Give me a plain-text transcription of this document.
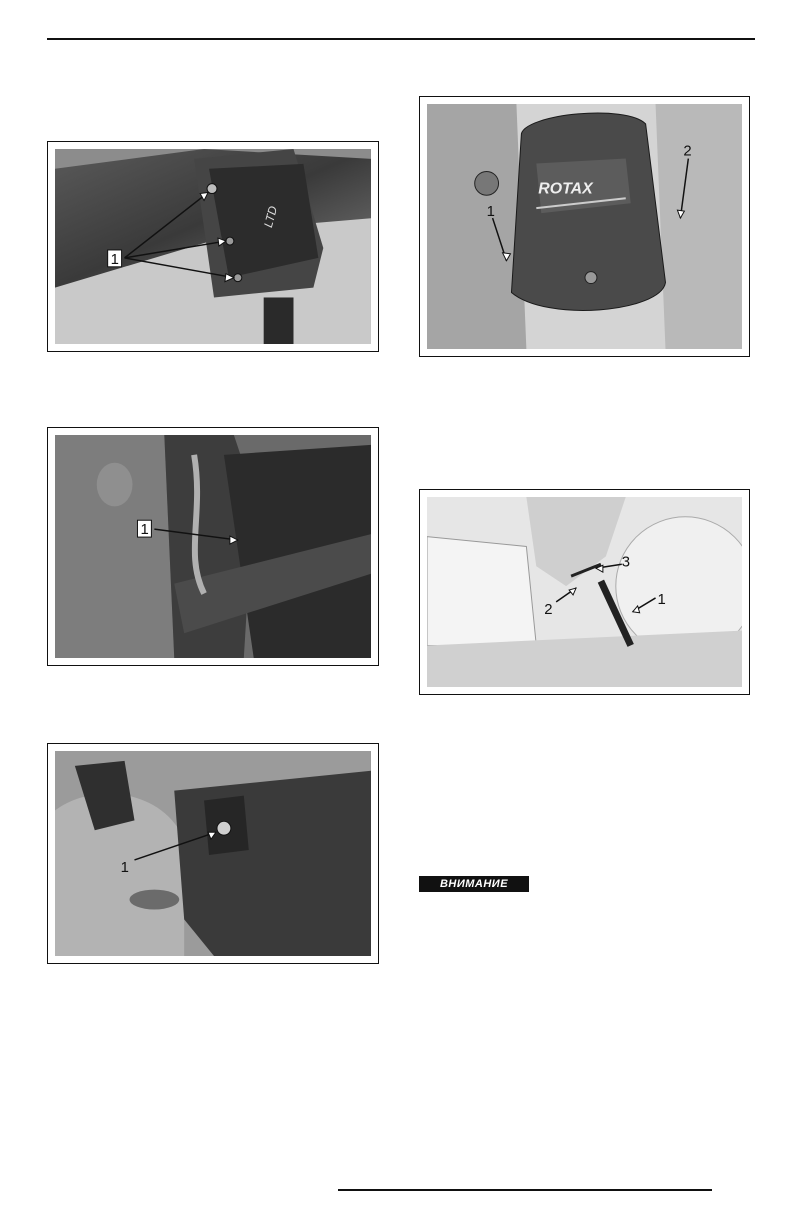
LTD
1
1
1
ROTAX
1
2
1
2
3
ВНИМАНИЕ
